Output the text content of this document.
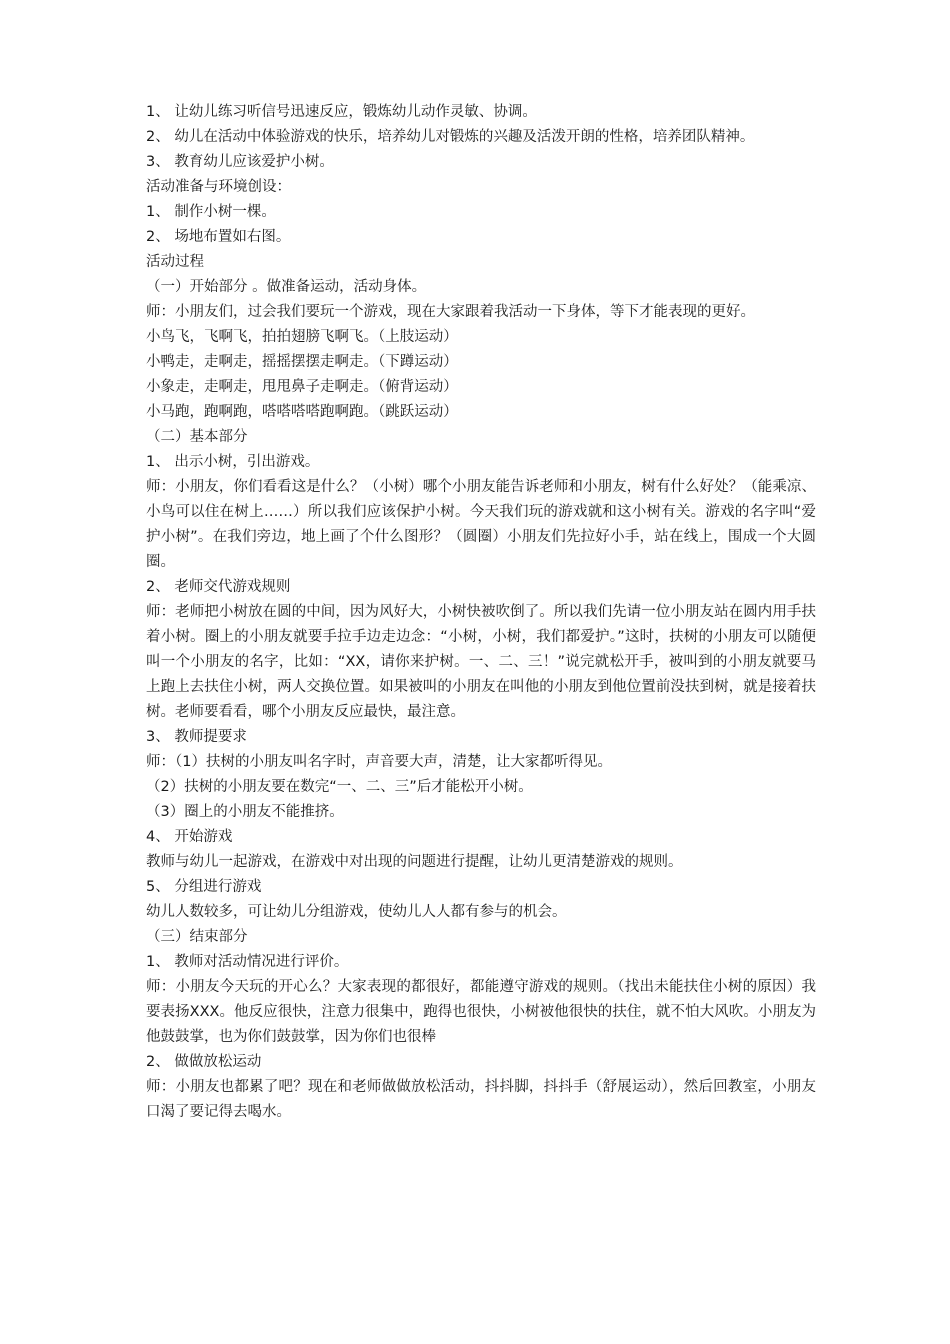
1、 让幼儿练习听信号迅速反应，锻炼幼儿动作灵敏、协调。
2、 幼儿在活动中体验游戏的快乐，培养幼儿对锻炼的兴趣及活泼开朗的性格，培养团队精神。
3、 教育幼儿应该爱护小树。
活动准备与环境创设：
1、 制作小树一棵。
2、 场地布置如右图。
活动过程
（一）开始部分 。做准备运动，活动身体。
师：小朋友们，过会我们要玩一个游戏，现在大家跟着我活动一下身体，等下才能表现的更好。
小鸟飞，飞啊飞，拍拍翅膀飞啊飞。（上肢运动）
小鸭走，走啊走，摇摇摆摆走啊走。（下蹲运动）
小象走，走啊走，甩甩鼻子走啊走。（俯背运动）
小马跑，跑啊跑，嗒嗒嗒嗒跑啊跑。（跳跃运动）
（二）基本部分
1、 出示小树，引出游戏。
师：小朋友，你们看看这是什么？（小树）哪个小朋友能告诉老师和小朋友，树有什么好处？（能乘凉、小鸟可以住在树上……）所以我们应该保护小树。今天我们玩的游戏就和这小树有关。游戏的名字叫“爱护小树”。在我们旁边，地上画了个什么图形？（圆圈）小朋友们先拉好小手，站在线上，围成一个大圆圈。
2、 老师交代游戏规则
师：老师把小树放在圆的中间，因为风好大，小树快被吹倒了。所以我们先请一位小朋友站在圆内用手扶着小树。圈上的小朋友就要手拉手边走边念：“小树，小树，我们都爱护。”这时，扶树的小朋友可以随便叫一个小朋友的名字，比如：“XX，请你来护树。一、二、三！”说完就松开手，被叫到的小朋友就要马上跑上去扶住小树，两人交换位置。如果被叫的小朋友在叫他的小朋友到他位置前没扶到树，就是接着扶树。老师要看看，哪个小朋友反应最快，最注意。
3、 教师提要求
师：（1）扶树的小朋友叫名字时，声音要大声，清楚，让大家都听得见。
（2）扶树的小朋友要在数完“一、二、三”后才能松开小树。
（3）圈上的小朋友不能推挤。
4、 开始游戏
教师与幼儿一起游戏，在游戏中对出现的问题进行提醒，让幼儿更清楚游戏的规则。
5、 分组进行游戏
幼儿人数较多，可让幼儿分组游戏，使幼儿人人都有参与的机会。
（三）结束部分
1、 教师对活动情况进行评价。
师：小朋友今天玩的开心么？大家表现的都很好，都能遵守游戏的规则。（找出未能扶住小树的原因）我要表扬XXX。他反应很快，注意力很集中，跑得也很快，小树被他很快的扶住，就不怕大风吹。小朋友为他鼓鼓掌，也为你们鼓鼓掌，因为你们也很棒
2、 做做放松运动
师：小朋友也都累了吧？现在和老师做做放松活动，抖抖脚，抖抖手（舒展运动），然后回教室，小朋友口渴了要记得去喝水。
